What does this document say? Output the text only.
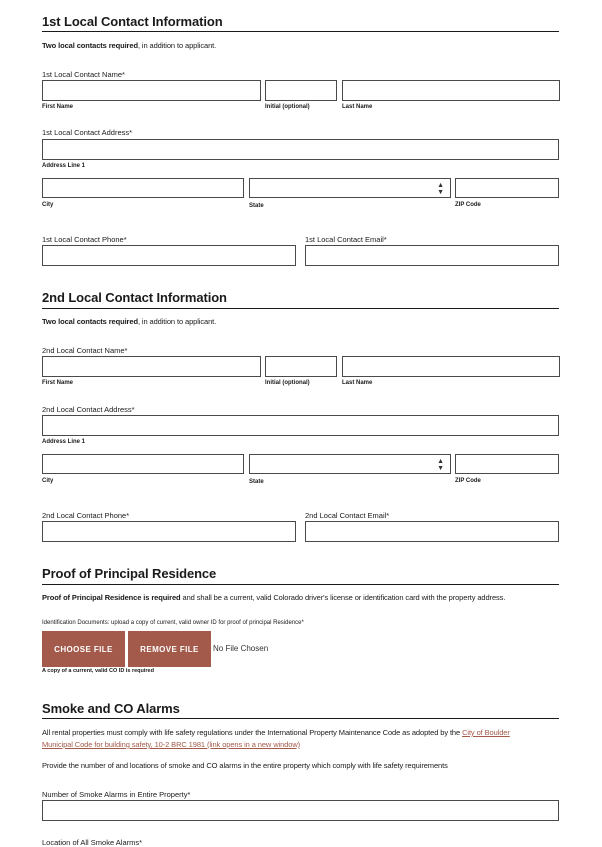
1st Local Contact Information
Two local contacts required, in addition to applicant.
1st Local Contact Name*
First Name	Initial (optional)	Last Name
1st Local Contact Address*
Address Line 1
▲
▼
City	State	ZIP Code
1st Local Contact Phone*	1st Local Contact Email*
2nd Local Contact Information
Two local contacts required, in addition to applicant.
2nd Local Contact Name*
First Name	Initial (optional)	Last Name
2nd Local Contact Address*
Address Line 1
▲
▼
City	State	ZIP Code
2nd Local Contact Phone*	2nd Local Contact Email*
Proof of Principal Residence
Proof of Principal Residence is required and shall be a current, valid Colorado driver's license or identification card with the property address.
Identification Documents: upload a copy of current, valid owner ID for proof of principal Residence*
CHOOSE FILE	REMOVE FILE	No File Chosen
A copy of a current, valid CO ID is required
Smoke and CO Alarms
All rental properties must comply with life safety regulations under the International Property Maintenance Code as adopted by the City of Boulder Municipal Code for building safety, 10-2 BRC 1981 (link opens in a new window)
Provide the number of and locations of smoke and CO alarms in the entire property which comply with life safety requirements
Number of Smoke Alarms in Entire Property*
Location of All Smoke Alarms*
